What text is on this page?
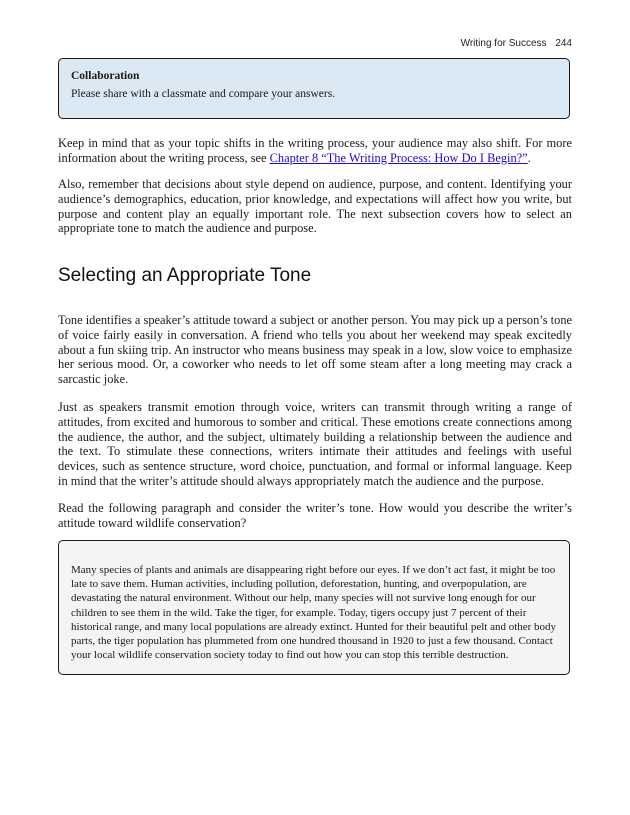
Writing for Success 244

Collaboration

Please share with a classmate and compare your answers.

Keep in mind that as your topic shifts in the writing process, your audience may also shift. For more information about the writing process, see Chapter 8 “The Writing Process: How Do I Begin?”.

Also, remember that decisions about style depend on audience, purpose, and content. Identifying your audience’s demographics, education, prior knowledge, and expectations will affect how you write, but purpose and content play an equally important role. The next subsection covers how to select an appropriate tone to match the audience and purpose.

Selecting an Appropriate Tone

Tone identifies a speaker’s attitude toward a subject or another person. You may pick up a person’s tone of voice fairly easily in conversation. A friend who tells you about her weekend may speak excitedly about a fun skiing trip. An instructor who means business may speak in a low, slow voice to emphasize her serious mood. Or, a coworker who needs to let off some steam after a long meeting may crack a sarcastic joke.

Just as speakers transmit emotion through voice, writers can transmit through writing a range of attitudes, from excited and humorous to somber and critical. These emotions create connections among the audience, the author, and the subject, ultimately building a relationship between the audience and the text. To stimulate these connections, writers intimate their attitudes and feelings with useful devices, such as sentence structure, word choice, punctuation, and formal or informal language. Keep in mind that the writer’s attitude should always appropriately match the audience and the purpose.

Read the following paragraph and consider the writer’s tone. How would you describe the writer’s attitude toward wildlife conservation?

Many species of plants and animals are disappearing right before our eyes. If we don’t act fast, it might be too late to save them. Human activities, including pollution, deforestation, hunting, and overpopulation, are devastating the natural environment. Without our help, many species will not survive long enough for our children to see them in the wild. Take the tiger, for example. Today, tigers occupy just 7 percent of their historical range, and many local populations are already extinct. Hunted for their beautiful pelt and other body parts, the tiger population has plummeted from one hundred thousand in 1920 to just a few thousand. Contact your local wildlife conservation society today to find out how you can stop this terrible destruction.
